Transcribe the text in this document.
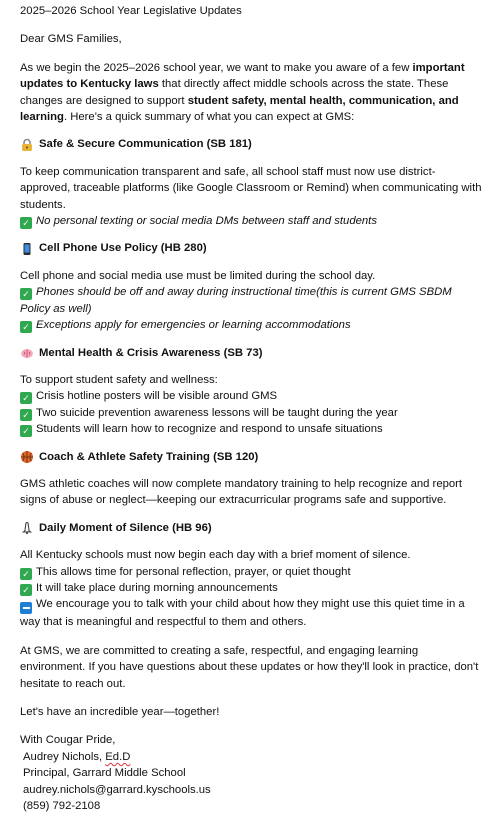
2025–2026 School Year Legislative Updates

Dear GMS Families,

As we begin the 2025–2026 school year, we want to make you aware of a few important updates to Kentucky laws that directly affect middle schools across the state. These changes are designed to support student safety, mental health, communication, and learning. Here's a quick summary of what you can expect at GMS:

Safe & Secure Communication (SB 181)

To keep communication transparent and safe, all school staff must now use district-approved, traceable platforms (like Google Classroom or Remind) when communicating with students.

✓ No personal texting or social media DMs between staff and students

Cell Phone Use Policy (HB 280)

Cell phone and social media use must be limited during the school day.

✓ Phones should be off and away during instructional time(this is current GMS SBDM Policy as well)

✓ Exceptions apply for emergencies or learning accommodations

Mental Health & Crisis Awareness (SB 73)

To support student safety and wellness:

✓ Crisis hotline posters will be visible around GMS

✓ Two suicide prevention awareness lessons will be taught during the year

✓ Students will learn how to recognize and respond to unsafe situations

Coach & Athlete Safety Training (SB 120)

GMS athletic coaches will now complete mandatory training to help recognize and report signs of abuse or neglect—keeping our extracurricular programs safe and supportive.

Daily Moment of Silence (HB 96)

All Kentucky schools must now begin each day with a brief moment of silence.

✓ This allows time for personal reflection, prayer, or quiet thought

✓ It will take place during morning announcements

We encourage you to talk with your child about how they might use this quiet time in a way that is meaningful and respectful to them and others.

At GMS, we are committed to creating a safe, respectful, and engaging learning environment. If you have questions about these updates or how they'll look in practice, don't hesitate to reach out.

Let's have an incredible year—together!

With Cougar Pride,

Audrey Nichols, Ed.D

Principal, Garrard Middle School

audrey.nichols@garrard.kyschools.us

(859) 792-2108
